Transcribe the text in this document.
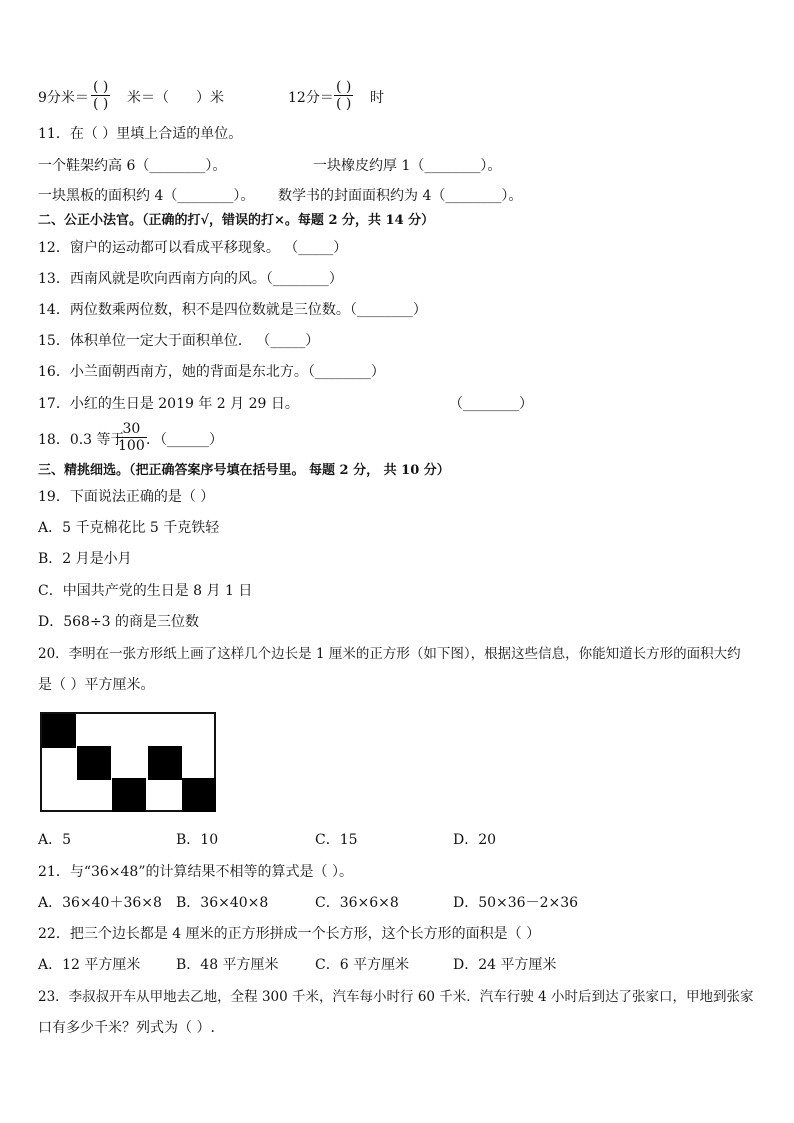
9分米＝
( )
( ) 米＝（ ）米	12分＝
( )
( ) 时
11．在（ ）里填上合适的单位。
一个鞋架约高 6（________）。	一块橡皮约厚 1（________）。
一块黑板的面积约 4（________）。 数学书的封面面积约为 4（________）。
二、公正小法官。（正确的打√，错误的打×。每题 2 分，共 14 分）
12．窗户的运动都可以看成平移现象。 （_____）
13．西南风就是吹向西南方向的风。（________）
14．两位数乘两位数，积不是四位数就是三位数。（________）
15．体积单位一定大于面积单位． （_____）
16．小兰面朝西南方，她的背面是东北方。（________）
17．小红的生日是 2019 年 2 月 29 日。	（________）
18．0.3 等于
$\frac{30}{100}$ ．（______）
三、精挑细选。（把正确答案序号填在括号里。 每题 2 分， 共 10 分）
19．下面说法正确的是（ ）
A．5 千克棉花比 5 千克铁轻
B．2 月是小月
C．中国共产党的生日是 8 月 1 日
D．568÷3 的商是三位数
20．李明在一张方形纸上画了这样几个边长是 1 厘米的正方形（如下图），根据这些信息，你能知道长方形的面积大约
是（ ）平方厘米。
A．5	B．10	C．15	D．20
21．与“36×48”的计算结果不相等的算式是（ ）。
A．36×40＋36×8 B．36×40×8	C．36×6×8	D．50×36－2×36
22．把三个边长都是 4 厘米的正方形拼成一个长方形，这个长方形的面积是（ ）
A．12 平方厘米	B．48 平方厘米	C．6 平方厘米	D．24 平方厘米
23．李叔叔开车从甲地去乙地，全程 300 千米，汽车每小时行 60 千米．汽车行驶 4 小时后到达了张家口，甲地到张家
口有多少千米？列式为（ ）.
